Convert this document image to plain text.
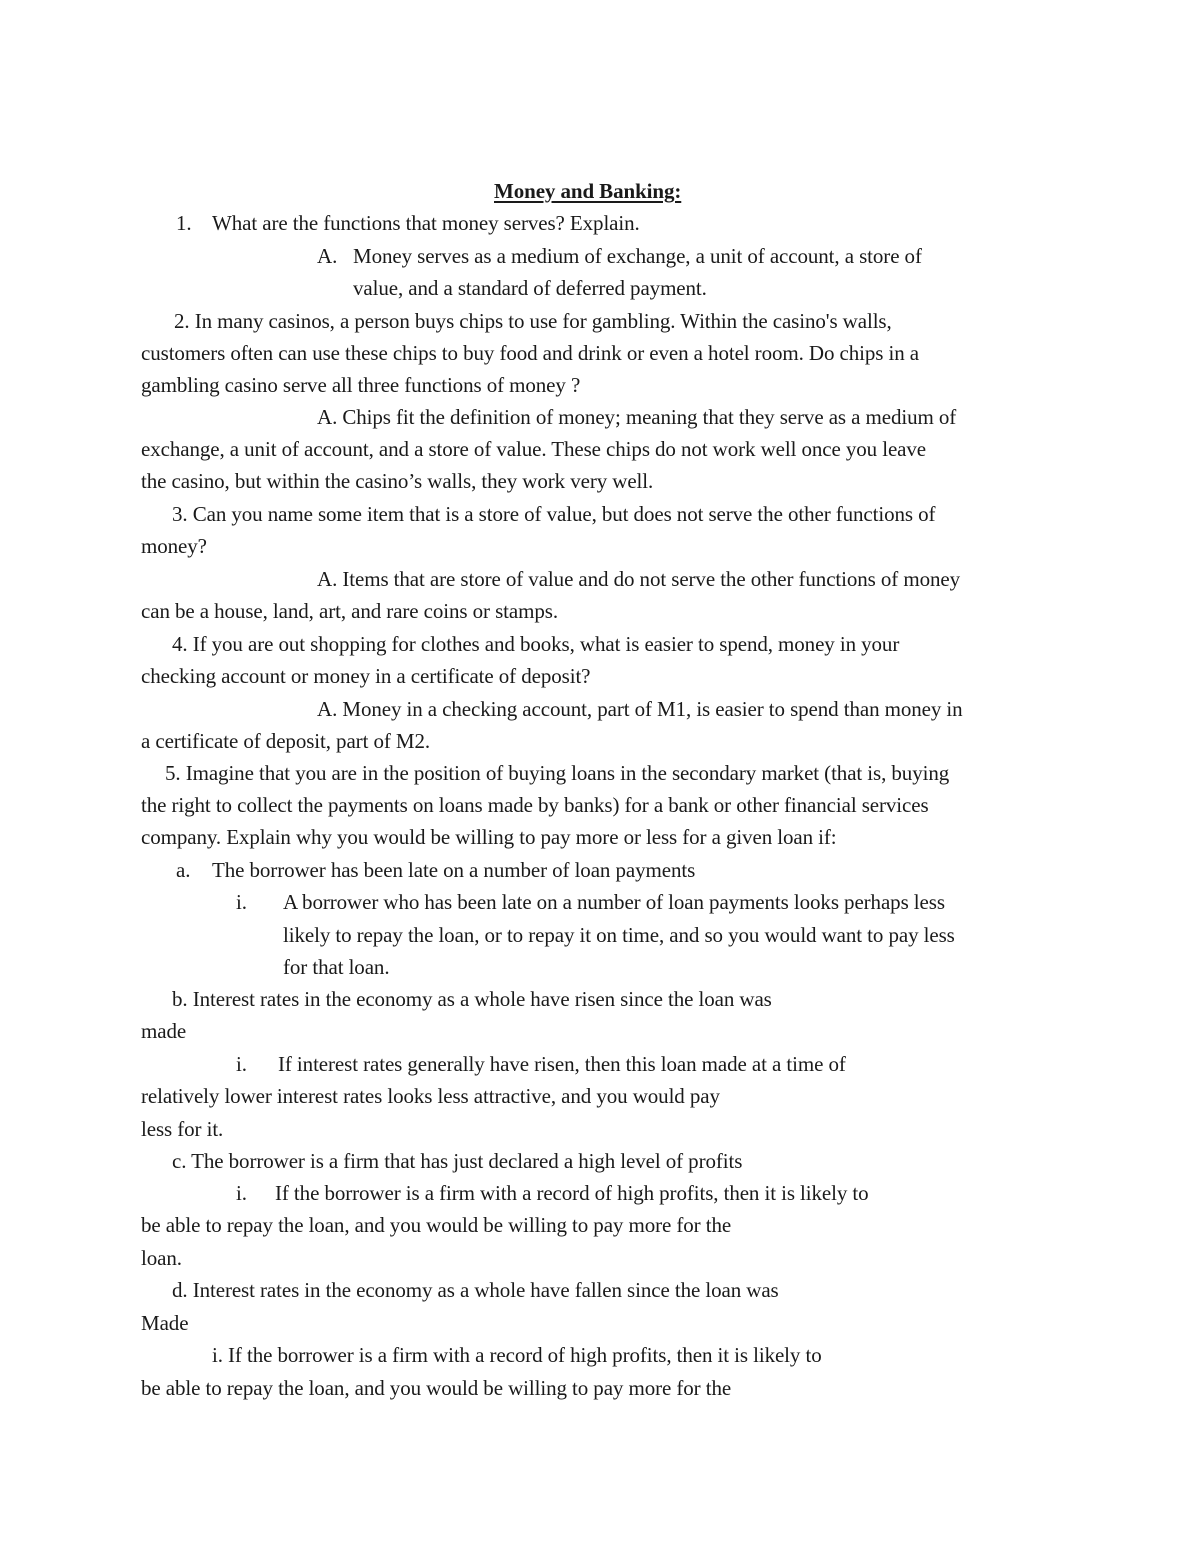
Money and Banking:
1. What are the functions that money serves? Explain.
A. Money serves as a medium of exchange, a unit of account, a store of
value, and a standard of deferred payment.
2. In many casinos, a person buys chips to use for gambling. Within the casino's walls,
customers often can use these chips to buy food and drink or even a hotel room. Do chips in a
gambling casino serve all three functions of money ?
A. Chips fit the definition of money; meaning that they serve as a medium of
exchange, a unit of account, and a store of value. These chips do not work well once you leave
the casino, but within the casino’s walls, they work very well.
3. Can you name some item that is a store of value, but does not serve the other functions of
money?
A. Items that are store of value and do not serve the other functions of money
can be a house, land, art, and rare coins or stamps.
4. If you are out shopping for clothes and books, what is easier to spend, money in your
checking account or money in a certificate of deposit?
A. Money in a checking account, part of M1, is easier to spend than money in
a certificate of deposit, part of M2.
5. Imagine that you are in the position of buying loans in the secondary market (that is, buying
the right to collect the payments on loans made by banks) for a bank or other financial services
company. Explain why you would be willing to pay more or less for a given loan if:
a. The borrower has been late on a number of loan payments
i. A borrower who has been late on a number of loan payments looks perhaps less
likely to repay the loan, or to repay it on time, and so you would want to pay less
for that loan.
b. Interest rates in the economy as a whole have risen since the loan was
made
i. If interest rates generally have risen, then this loan made at a time of
relatively lower interest rates looks less attractive, and you would pay
less for it.
c. The borrower is a firm that has just declared a high level of profits
i. If the borrower is a firm with a record of high profits, then it is likely to
be able to repay the loan, and you would be willing to pay more for the
loan.
d. Interest rates in the economy as a whole have fallen since the loan was
Made
i. If the borrower is a firm with a record of high profits, then it is likely to
be able to repay the loan, and you would be willing to pay more for the
